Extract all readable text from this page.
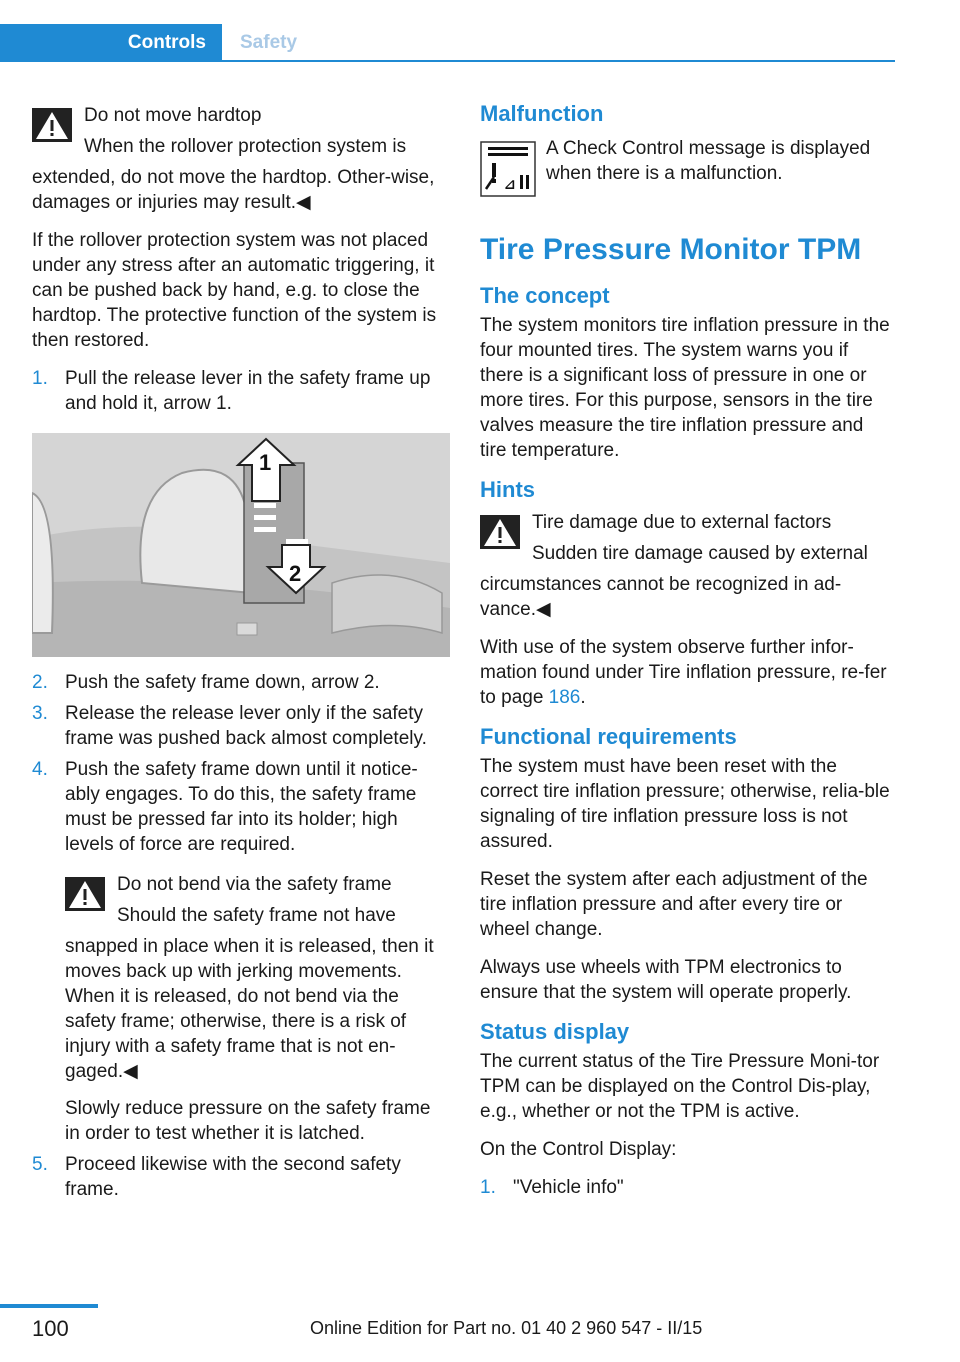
Controls	Safety
Do not move hardtop
When the rollover protection system is
extended, do not move the hardtop. Other-wise, damages or injuries may result.◀

If the rollover protection system was not placed under any stress after an automatic triggering, it can be pushed back by hand, e.g. to close the hardtop. The protective function of the system is then restored.

1. Pull the release lever in the safety frame up and hold it, arrow 1.
1
2
2. Push the safety frame down, arrow 2.
3. Release the release lever only if the safety frame was pushed back almost completely.
4. Push the safety frame down until it notice-ably engages. To do this, the safety frame must be pressed far into its holder; high levels of force are required.
Do not bend via the safety frame
Should the safety frame not have
snapped in place when it is released, then it moves back up with jerking movements. When it is released, do not bend via the safety frame; otherwise, there is a risk of injury with a safety frame that is not en-gaged.◀
Slowly reduce pressure on the safety frame in order to test whether it is latched.
5. Proceed likewise with the second safety frame.
Malfunction
⊿
A Check Control message is displayed when there is a malfunction.
Tire Pressure Monitor TPM
The concept

The system monitors tire inflation pressure in the four mounted tires. The system warns you if there is a significant loss of pressure in one or more tires. For this purpose, sensors in the tire valves measure the tire inflation pressure and tire temperature.

Hints
Tire damage due to external factors
Sudden tire damage caused by external
circumstances cannot be recognized in ad-vance.◀

With use of the system observe further infor-mation found under Tire inflation pressure, re-fer to page 186.

Functional requirements

The system must have been reset with the correct tire inflation pressure; otherwise, relia-ble signaling of tire inflation pressure loss is not assured.

Reset the system after each adjustment of the tire inflation pressure and after every tire or wheel change.

Always use wheels with TPM electronics to ensure that the system will operate properly.

Status display

The current status of the Tire Pressure Moni-tor TPM can be displayed on the Control Dis-play, e.g., whether or not the TPM is active.

On the Control Display:

1. "Vehicle info"
100	Online Edition for Part no. 01 40 2 960 547 - II/15
